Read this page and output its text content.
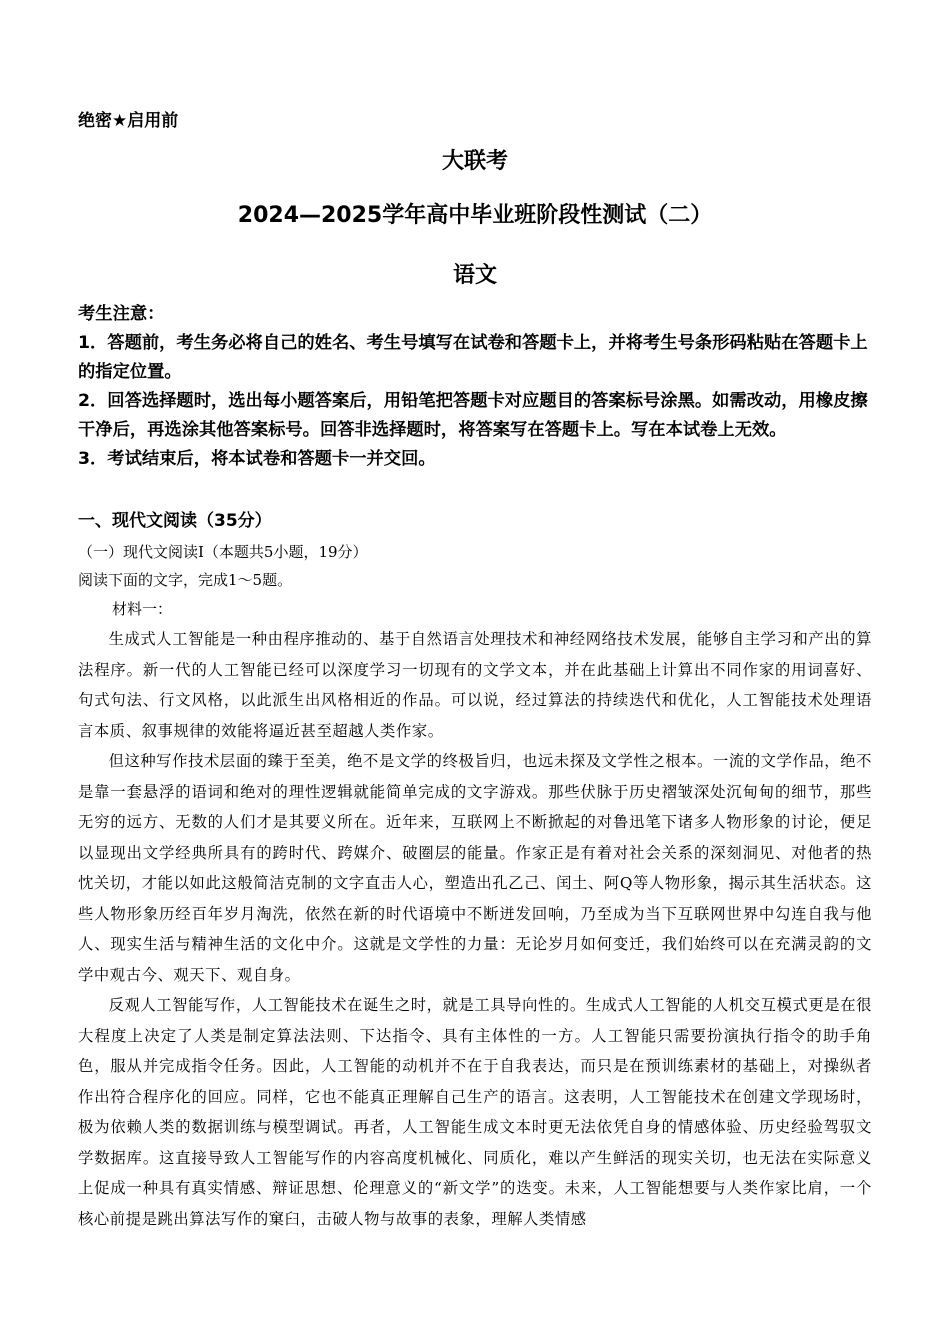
绝密★启用前
大联考
2024—2025学年高中毕业班阶段性测试（二）
语文

考生注意：

1．答题前，考生务必将自己的姓名、考生号填写在试卷和答题卡上，并将考生号条形码粘贴在答题卡上的指定位置。

2．回答选择题时，选出每小题答案后，用铅笔把答题卡对应题目的答案标号涂黑。如需改动，用橡皮擦干净后，再选涂其他答案标号。回答非选择题时，将答案写在答题卡上。写在本试卷上无效。

3．考试结束后，将本试卷和答题卡一并交回。

一、现代文阅读（35分）
（一）现代文阅读Ⅰ（本题共5小题，19分）
阅读下面的文字，完成1～5题。
材料一：

生成式人工智能是一种由程序推动的、基于自然语言处理技术和神经网络技术发展，能够自主学习和产出的算法程序。新一代的人工智能已经可以深度学习一切现有的文学文本，并在此基础上计算出不同作家的用词喜好、句式句法、行文风格，以此派生出风格相近的作品。可以说，经过算法的持续迭代和优化，人工智能技术处理语言本质、叙事规律的效能将逼近甚至超越人类作家。

但这种写作技术层面的臻于至美，绝不是文学的终极旨归，也远未探及文学性之根本。一流的文学作品，绝不是靠一套悬浮的语词和绝对的理性逻辑就能简单完成的文字游戏。那些伏脉于历史褶皱深处沉甸甸的细节，那些无穷的远方、无数的人们才是其要义所在。近年来，互联网上不断掀起的对鲁迅笔下诸多人物形象的讨论，便足以显现出文学经典所具有的跨时代、跨媒介、破圈层的能量。作家正是有着对社会关系的深刻洞见、对他者的热忱关切，才能以如此这般简洁克制的文字直击人心，塑造出孔乙己、闰土、阿Q等人物形象，揭示其生活状态。这些人物形象历经百年岁月淘洗，依然在新的时代语境中不断迸发回响，乃至成为当下互联网世界中勾连自我与他人、现实生活与精神生活的文化中介。这就是文学性的力量：无论岁月如何变迁，我们始终可以在充满灵韵的文学中观古今、观天下、观自身。

反观人工智能写作，人工智能技术在诞生之时，就是工具导向性的。生成式人工智能的人机交互模式更是在很大程度上决定了人类是制定算法法则、下达指令、具有主体性的一方。人工智能只需要扮演执行指令的助手角色，服从并完成指令任务。因此，人工智能的动机并不在于自我表达，而只是在预训练素材的基础上，对操纵者作出符合程序化的回应。同样，它也不能真正理解自己生产的语言。这表明，人工智能技术在创建文学现场时，极为依赖人类的数据训练与模型调试。再者，人工智能生成文本时更无法依凭自身的情感体验、历史经验驾驭文学数据库。这直接导致人工智能写作的内容高度机械化、同质化，难以产生鲜活的现实关切，也无法在实际意义上促成一种具有真实情感、辩证思想、伦理意义的“新文学”的迭变。未来，人工智能想要与人类作家比肩，一个核心前提是跳出算法写作的窠臼，击破人物与故事的表象，理解人类情感
